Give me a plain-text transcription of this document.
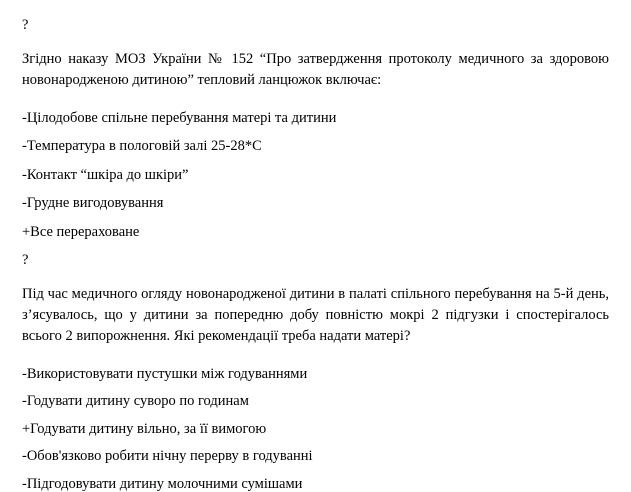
?

Згідно наказу МОЗ України № 152 “Про затвердження протоколу медичного за здоровою новонародженою дитиною” тепловий ланцюжок включає:

-Цілодобове спільне перебування матері та дитини

-Температура в пологовій залі 25-28*С

-Контакт “шкіра до шкіри”

-Грудне вигодовування

+Все перераховане

?

Під час медичного огляду новонародженої дитини в палаті спільного перебування на 5-й день, з’ясувалось, що у дитини за попередню добу повністю мокрі 2 підгузки і спостерігалось всього 2 випорожнення. Які рекомендації треба надати матері?

-Використовувати пустушки між годуваннями

-Годувати дитину суворо по годинам

+Годувати дитину вільно, за її вимогою

-Обов'язково робити нічну перерву в годуванні

-Підгодовувати дитину молочними сумішами
